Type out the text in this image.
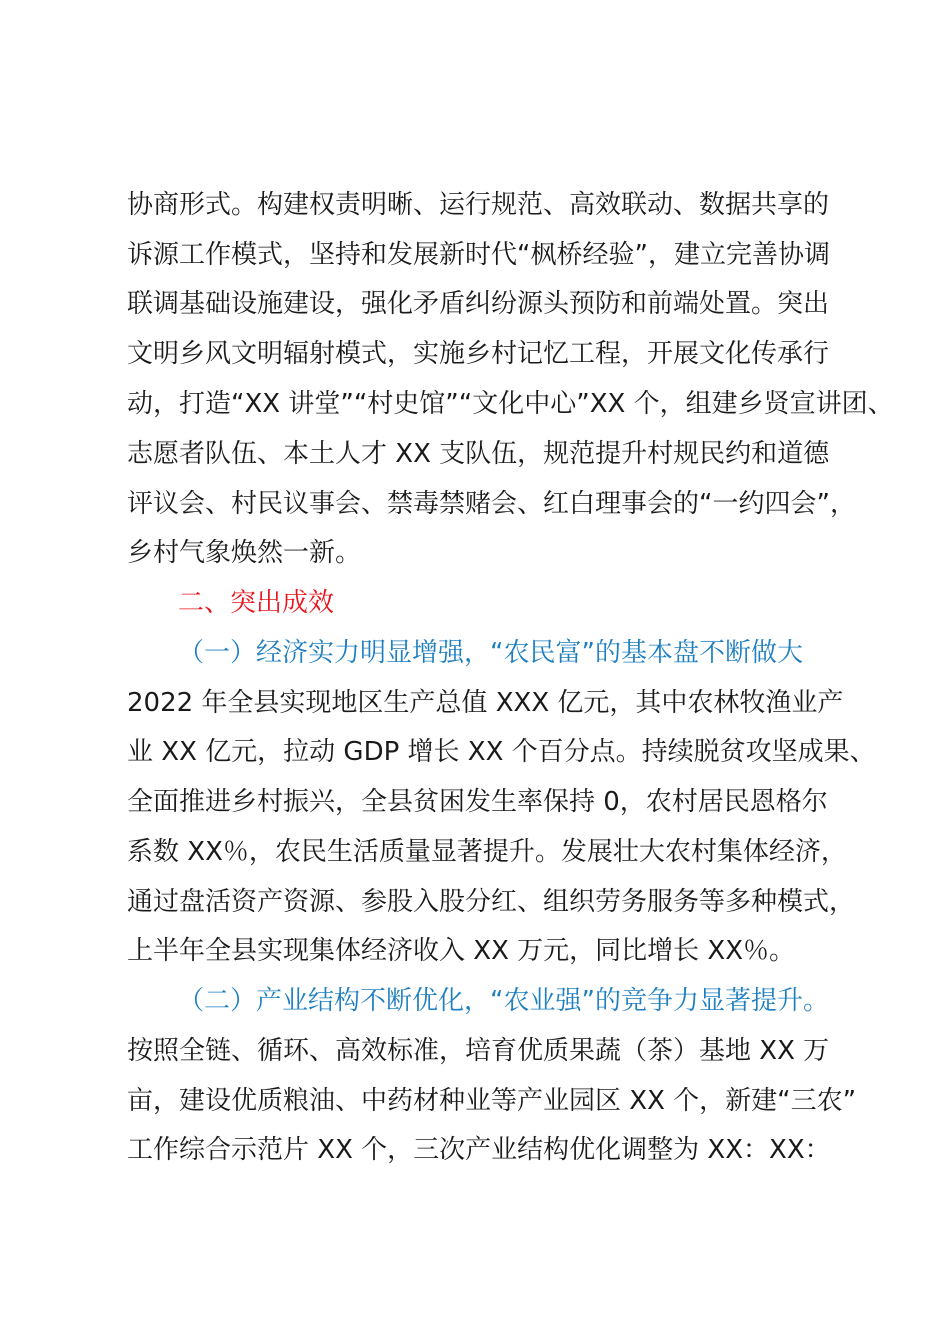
协商形式。构建权责明晰、运行规范、高效联动、数据共享的
诉源工作模式，坚持和发展新时代“枫桥经验”，建立完善协调
联调基础设施建设，强化矛盾纠纷源头预防和前端处置。突出
文明乡风文明辐射模式，实施乡村记忆工程，开展文化传承行
动，打造“XX 讲堂”“村史馆”“文化中心”XX 个，组建乡贤宣讲团、
志愿者队伍、本土人才 XX 支队伍，规范提升村规民约和道德
评议会、村民议事会、禁毒禁赌会、红白理事会的“一约四会”，
乡村气象焕然一新。
二、突出成效
（一）经济实力明显增强，“农民富”的基本盘不断做大
2022 年全县实现地区生产总值 XXX 亿元，其中农林牧渔业产
业 XX 亿元，拉动 GDP 增长 XX 个百分点。持续脱贫攻坚成果、
全面推进乡村振兴，全县贫困发生率保持 0，农村居民恩格尔
系数 XX％，农民生活质量显著提升。发展壮大农村集体经济，
通过盘活资产资源、参股入股分红、组织劳务服务等多种模式，
上半年全县实现集体经济收入 XX 万元，同比增长 XX％。
（二）产业结构不断优化，“农业强”的竞争力显著提升。
按照全链、循环、高效标准，培育优质果蔬（茶）基地 XX 万
亩，建设优质粮油、中药材种业等产业园区 XX 个，新建“三农”
工作综合示范片 XX 个，三次产业结构优化调整为 XX：XX：
